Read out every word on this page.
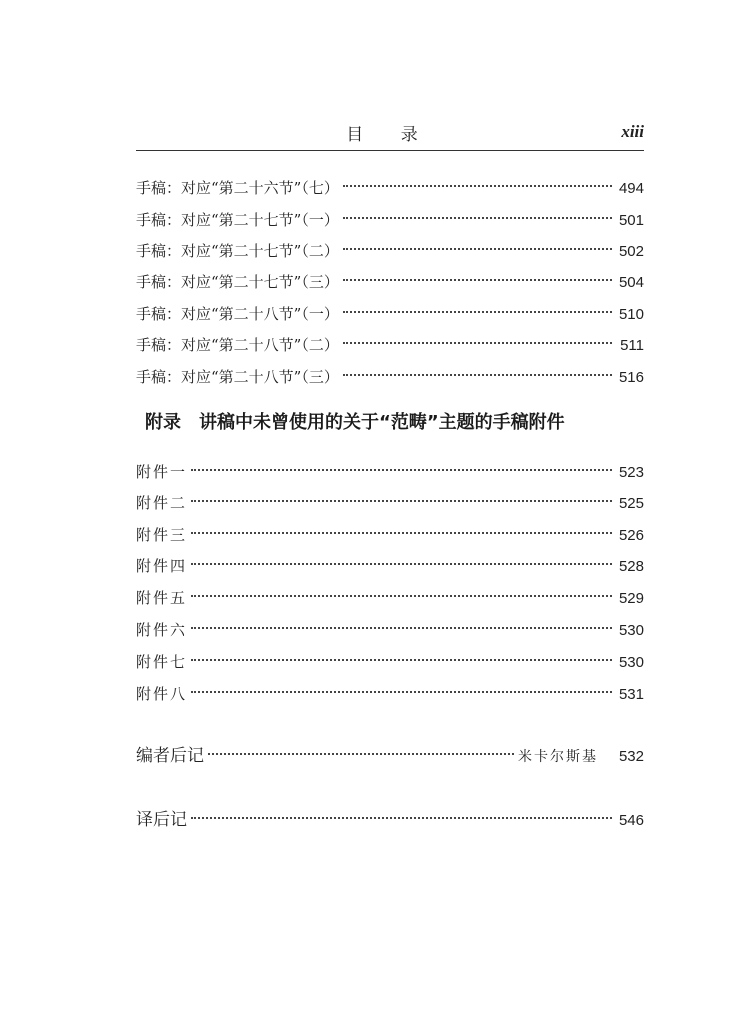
目 录	xiii
手稿：对应“第二十六节”（七）	494
手稿：对应“第二十七节”（一）	501
手稿：对应“第二十七节”（二）	502
手稿：对应“第二十七节”（三）	504
手稿：对应“第二十八节”（一）	510
手稿：对应“第二十八节”（二）	511
手稿：对应“第二十八节”（三）	516
附录 讲稿中未曾使用的关于“范畴”主题的手稿附件
附件一	523
附件二	525
附件三	526
附件四	528
附件五	529
附件六	530
附件七	530
附件八	531
编者后记	米卡尔斯基 532
译后记	546
